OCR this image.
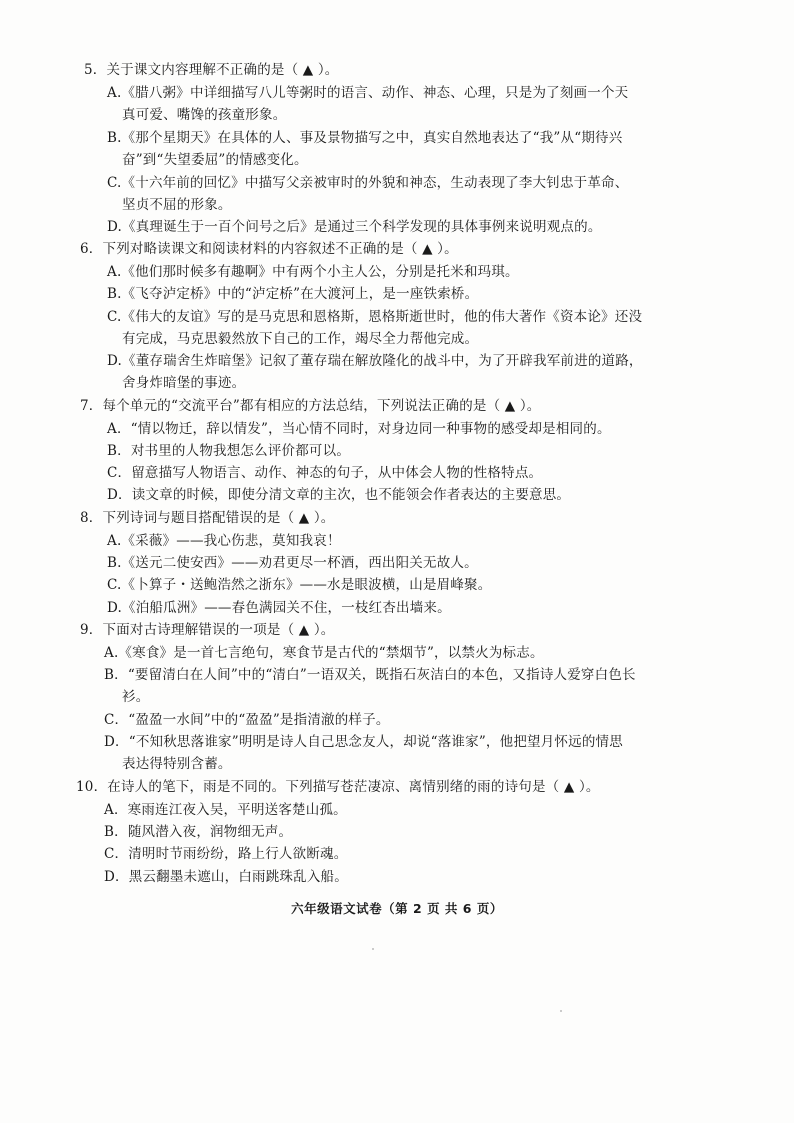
5．关于课文内容理解不正确的是（ ▲ ）。
A.《腊八粥》中详细描写八儿等粥时的语言、动作、神态、心理，只是为了刻画一个天
真可爱、嘴馋的孩童形象。
B.《那个星期天》在具体的人、事及景物描写之中，真实自然地表达了“我”从“期待兴
奋”到“失望委屈”的情感变化。
C.《十六年前的回忆》中描写父亲被审时的外貌和神态，生动表现了李大钊忠于革命、
坚贞不屈的形象。
D.《真理诞生于一百个问号之后》是通过三个科学发现的具体事例来说明观点的。
6．下列对略读课文和阅读材料的内容叙述不正确的是（ ▲ ）。
A.《他们那时候多有趣啊》中有两个小主人公，分别是托米和玛琪。
B.《飞夺泸定桥》中的“泸定桥”在大渡河上，是一座铁索桥。
C.《伟大的友谊》写的是马克思和恩格斯，恩格斯逝世时，他的伟大著作《资本论》还没
有完成，马克思毅然放下自己的工作，竭尽全力帮他完成。
D.《董存瑞舍生炸暗堡》记叙了董存瑞在解放隆化的战斗中，为了开辟我军前进的道路，
舍身炸暗堡的事迹。
7．每个单元的“交流平台”都有相应的方法总结，下列说法正确的是（ ▲ ）。
A．“情以物迁，辞以情发”，当心情不同时，对身边同一种事物的感受却是相同的。
B．对书里的人物我想怎么评价都可以。
C．留意描写人物语言、动作、神态的句子，从中体会人物的性格特点。
D．读文章的时候，即使分清文章的主次，也不能领会作者表达的主要意思。
8．下列诗词与题目搭配错误的是（ ▲ ）。
A.《采薇》——我心伤悲，莫知我哀！
B.《送元二使安西》——劝君更尽一杯酒，西出阳关无故人。
C.《卜算子・送鲍浩然之浙东》——水是眼波横，山是眉峰聚。
D.《泊船瓜洲》——春色满园关不住，一枝红杏出墙来。
9．下面对古诗理解错误的一项是（ ▲ ）。
A.《寒食》是一首七言绝句，寒食节是古代的“禁烟节”，以禁火为标志。
B．“要留清白在人间”中的“清白”一语双关，既指石灰洁白的本色，又指诗人爱穿白色长
衫。
C．“盈盈一水间”中的“盈盈”是指清澈的样子。
D．“不知秋思落谁家”明明是诗人自己思念友人，却说“落谁家”，他把望月怀远的情思
表达得特别含蓄。
10．在诗人的笔下，雨是不同的。下列描写苍茫凄凉、离情别绪的雨的诗句是（ ▲ ）。
A．寒雨连江夜入吴，平明送客楚山孤。
B．随风潜入夜，润物细无声。
C．清明时节雨纷纷，路上行人欲断魂。
D．黑云翻墨未遮山，白雨跳珠乱入船。
六年级语文试卷（第 2 页 共 6 页）
